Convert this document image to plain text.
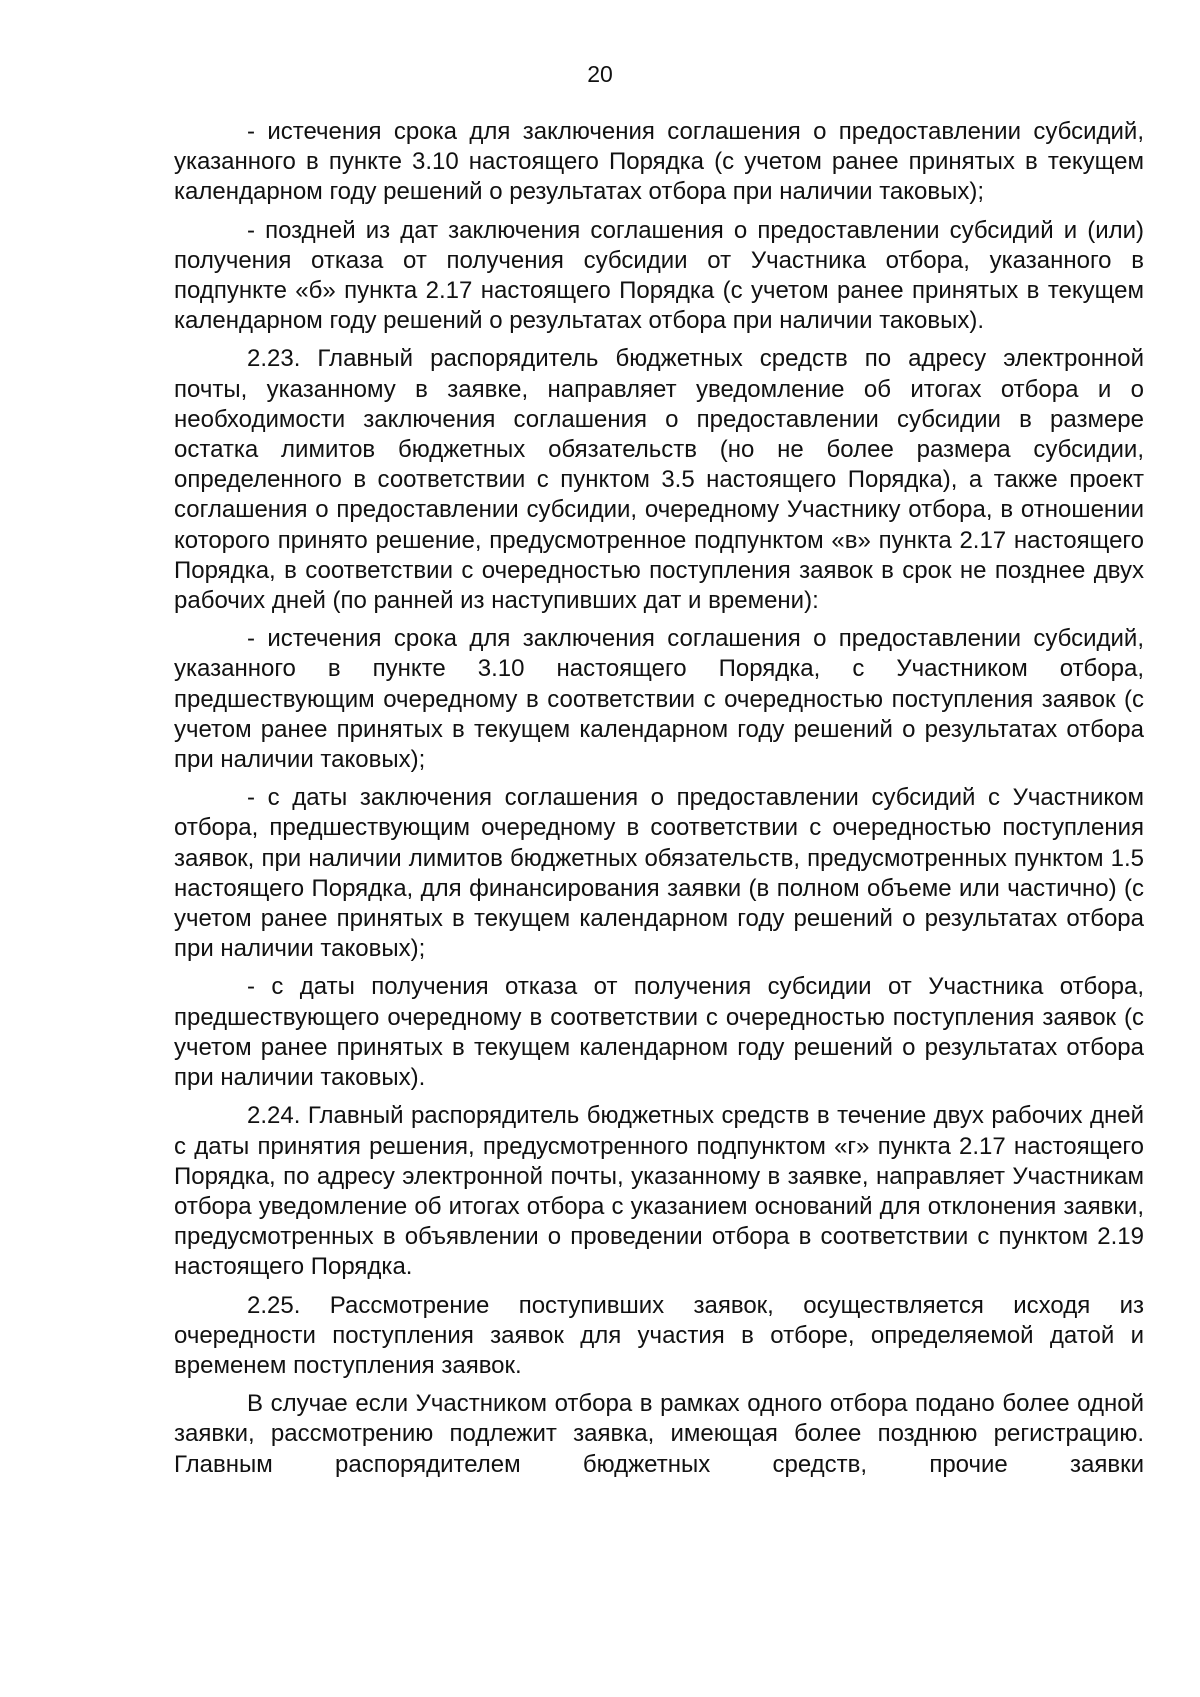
20

- истечения срока для заключения соглашения о предоставлении субсидий, указанного в пункте 3.10 настоящего Порядка (с учетом ранее принятых в текущем календарном году решений о результатах отбора при наличии таковых);

- поздней из дат заключения соглашения о предоставлении субсидий и (или) получения отказа от получения субсидии от Участника отбора, указанного в подпункте «б» пункта 2.17 настоящего Порядка (с учетом ранее принятых в текущем календарном году решений о результатах отбора при наличии таковых).

2.23. Главный распорядитель бюджетных средств по адресу электронной почты, указанному в заявке, направляет уведомление об итогах отбора и о необходимости заключения соглашения о предоставлении субсидии в размере остатка лимитов бюджетных обязательств (но не более размера субсидии, определенного в соответствии с пунктом 3.5 настоящего Порядка), а также проект соглашения о предоставлении субсидии, очередному Участнику отбора, в отношении которого принято решение, предусмотренное подпунктом «в» пункта 2.17 настоящего Порядка, в соответствии с очередностью поступления заявок в срок не позднее двух рабочих дней (по ранней из наступивших дат и времени):

- истечения срока для заключения соглашения о предоставлении субсидий, указанного в пункте 3.10 настоящего Порядка, с Участником отбора, предшествующим очередному в соответствии с очередностью поступления заявок (с учетом ранее принятых в текущем календарном году решений о результатах отбора при наличии таковых);

- с даты заключения соглашения о предоставлении субсидий с Участником отбора, предшествующим очередному в соответствии с очередностью поступления заявок, при наличии лимитов бюджетных обязательств, предусмотренных пунктом 1.5 настоящего Порядка, для финансирования заявки (в полном объеме или частично) (с учетом ранее принятых в текущем календарном году решений о результатах отбора при наличии таковых);

- с даты получения отказа от получения субсидии от Участника отбора, предшествующего очередному в соответствии с очередностью поступления заявок (с учетом ранее принятых в текущем календарном году решений о результатах отбора при наличии таковых).

2.24. Главный распорядитель бюджетных средств в течение двух рабочих дней с даты принятия решения, предусмотренного подпунктом «г» пункта 2.17 настоящего Порядка, по адресу электронной почты, указанному в заявке, направляет Участникам отбора уведомление об итогах отбора с указанием оснований для отклонения заявки, предусмотренных в объявлении о проведении отбора в соответствии с пунктом 2.19 настоящего Порядка.

2.25. Рассмотрение поступивших заявок, осуществляется исходя из очередности поступления заявок для участия в отборе, определяемой датой и временем поступления заявок.

В случае если Участником отбора в рамках одного отбора подано более одной заявки, рассмотрению подлежит заявка, имеющая более позднюю регистрацию. Главным распорядителем бюджетных средств, прочие заявки
